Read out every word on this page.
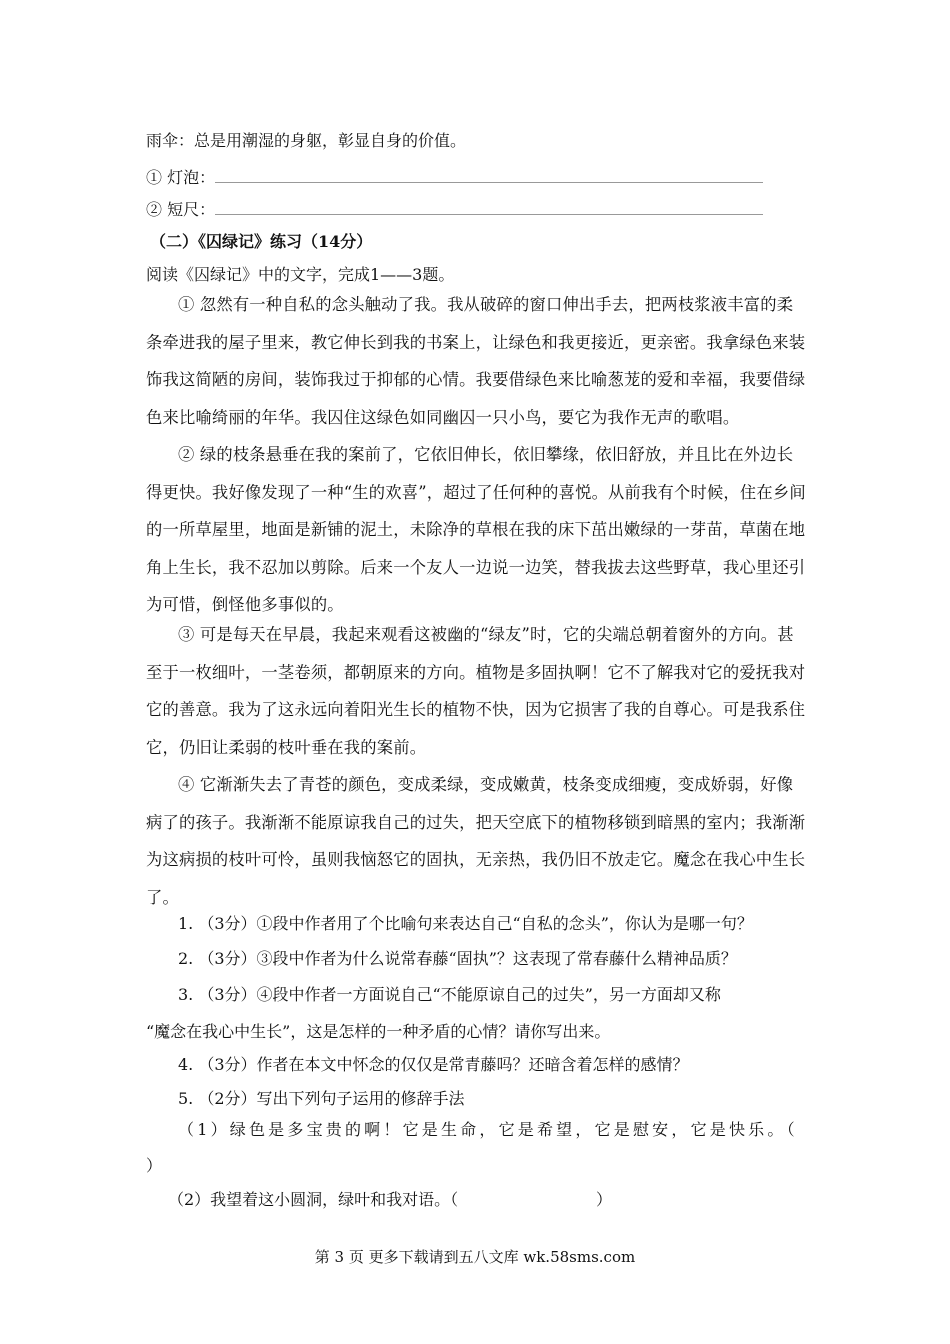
雨伞：总是用潮湿的身躯，彰显自身的价值。
① 灯泡：
② 短尺：
（二）《囚绿记》练习（14分）
阅读《囚绿记》中的文字，完成1——3题。
① 忽然有一种自私的念头触动了我。我从破碎的窗口伸出手去，把两枝浆液丰富的柔条牵进我的屋子里来，教它伸长到我的书案上，让绿色和我更接近，更亲密。我拿绿色来装饰我这简陋的房间，装饰我过于抑郁的心情。我要借绿色来比喻葱茏的爱和幸福，我要借绿色来比喻绮丽的年华。我囚住这绿色如同幽囚一只小鸟，要它为我作无声的歌唱。
② 绿的枝条悬垂在我的案前了，它依旧伸长，依旧攀缘，依旧舒放，并且比在外边长得更快。我好像发现了一种“生的欢喜”，超过了任何种的喜悦。从前我有个时候，住在乡间的一所草屋里，地面是新铺的泥土，未除净的草根在我的床下茁出嫩绿的一芽苗，草菌在地角上生长，我不忍加以剪除。后来一个友人一边说一边笑，替我拔去这些野草，我心里还引为可惜，倒怪他多事似的。
③ 可是每天在早晨，我起来观看这被幽的“绿友”时，它的尖端总朝着窗外的方向。甚至于一枚细叶，一茎卷须，都朝原来的方向。植物是多固执啊！它不了解我对它的爱抚我对它的善意。我为了这永远向着阳光生长的植物不快，因为它损害了我的自尊心。可是我系住它，仍旧让柔弱的枝叶垂在我的案前。
④ 它渐渐失去了青苍的颜色，变成柔绿，变成嫩黄，枝条变成细瘦，变成娇弱，好像病了的孩子。我渐渐不能原谅我自己的过失，把天空底下的植物移锁到暗黑的室内；我渐渐为这病损的枝叶可怜，虽则我恼怒它的固执，无亲热，我仍旧不放走它。魔念在我心中生长了。
1. （3分）①段中作者用了个比喻句来表达自己“自私的念头”，你认为是哪一句？
2. （3分）③段中作者为什么说常春藤“固执”？这表现了常春藤什么精神品质？
3. （3分）④段中作者一方面说自己“不能原谅自己的过失”，另一方面却又称
“魔念在我心中生长”，这是怎样的一种矛盾的心情？请你写出来。
4. （3分）作者在本文中怀念的仅仅是常青藤吗？还暗含着怎样的感情？
5. （2分）写出下列句子运用的修辞手法
（1）绿色是多宝贵的啊！它是生命，它是希望，它是慰安，它是快乐。（
）
（2）我望着这小圆洞，绿叶和我对语。（	）
第 3 页 更多下载请到五八文库 wk.58sms.com
